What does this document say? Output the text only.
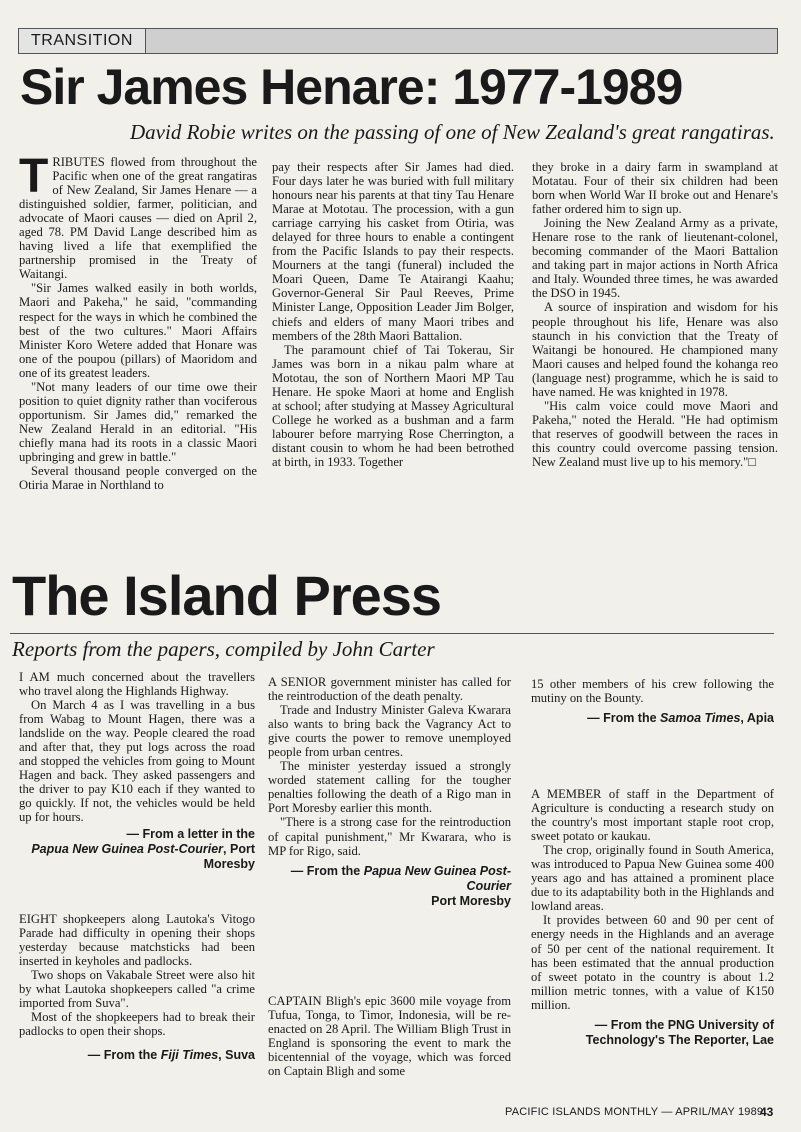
TRANSITION
Sir James Henare: 1977-1989

David Robie writes on the passing of one of New Zealand's great rangatiras.

TRIBUTES flowed from throughout the Pacific when one of the great rangatiras of New Zealand, Sir James Henare — a distinguished soldier, farmer, politician, and advocate of Maori causes — died on April 2, aged 78. PM David Lange described him as having lived a life that exemplified the partnership promised in the Treaty of Waitangi.

"Sir James walked easily in both worlds, Maori and Pakeha," he said, "commanding respect for the ways in which he combined the best of the two cultures." Maori Affairs Minister Koro Wetere added that Honare was one of the poupou (pillars) of Maoridom and one of its greatest leaders.

"Not many leaders of our time owe their position to quiet dignity rather than vociferous opportunism. Sir James did," remarked the New Zealand Herald in an editorial. "His chiefly mana had its roots in a classic Maori upbringing and grew in battle."

Several thousand people converged on the Otiria Marae in Northland to

pay their respects after Sir James had died. Four days later he was buried with full military honours near his parents at that tiny Tau Henare Marae at Mototau. The procession, with a gun carriage carrying his casket from Otiria, was delayed for three hours to enable a contingent from the Pacific Islands to pay their respects. Mourners at the tangi (funeral) included the Moari Queen, Dame Te Atairangi Kaahu; Governor-General Sir Paul Reeves, Prime Minister Lange, Opposition Leader Jim Bolger, chiefs and elders of many Maori tribes and members of the 28th Maori Battalion.

The paramount chief of Tai Tokerau, Sir James was born in a nikau palm whare at Mototau, the son of Northern Maori MP Tau Henare. He spoke Maori at home and English at school; after studying at Massey Agricultural College he worked as a bushman and a farm labourer before marrying Rose Cherrington, a distant cousin to whom he had been betrothed at birth, in 1933. Together

they broke in a dairy farm in swampland at Motatau. Four of their six children had been born when World War II broke out and Henare's father ordered him to sign up.

Joining the New Zealand Army as a private, Henare rose to the rank of lieutenant-colonel, becoming commander of the Maori Battalion and taking part in major actions in North Africa and Italy. Wounded three times, he was awarded the DSO in 1945.

A source of inspiration and wisdom for his people throughout his life, Henare was also staunch in his conviction that the Treaty of Waitangi be honoured. He championed many Maori causes and helped found the kohanga reo (language nest) programme, which he is said to have named. He was knighted in 1978.

"His calm voice could move Maori and Pakeha," noted the Herald. "He had optimism that reserves of goodwill between the races in this country could overcome passing tension. New Zealand must live up to his memory."□

The Island Press

Reports from the papers, compiled by John Carter

I AM much concerned about the travellers who travel along the Highlands Highway.

On March 4 as I was travelling in a bus from Wabag to Mount Hagen, there was a landslide on the way. People cleared the road and after that, they put logs across the road and stopped the vehicles from going to Mount Hagen and back. They asked passengers and the driver to pay K10 each if they wanted to go quickly. If not, the vehicles would be held up for hours.

— From a letter in the
Papua New Guinea Post-Courier, Port Moresby

EIGHT shopkeepers along Lautoka's Vitogo Parade had difficulty in opening their shops yesterday because matchsticks had been inserted in keyholes and padlocks.

Two shops on Vakabale Street were also hit by what Lautoka shopkeepers called "a crime imported from Suva".

Most of the shopkeepers had to break their padlocks to open their shops.

— From the Fiji Times, Suva

A SENIOR government minister has called for the reintroduction of the death penalty.

Trade and Industry Minister Galeva Kwarara also wants to bring back the Vagrancy Act to give courts the power to remove unemployed people from urban centres.

The minister yesterday issued a strongly worded statement calling for the tougher penalties following the death of a Rigo man in Port Moresby earlier this month.

"There is a strong case for the reintroduction of capital punishment," Mr Kwarara, who is MP for Rigo, said.

— From the Papua New Guinea Post-Courier
Port Moresby

CAPTAIN Bligh's epic 3600 mile voyage from Tufua, Tonga, to Timor, Indonesia, will be re-enacted on 28 April. The William Bligh Trust in England is sponsoring the event to mark the bicentennial of the voyage, which was forced on Captain Bligh and some

15 other members of his crew following the mutiny on the Bounty.

— From the Samoa Times, Apia

A MEMBER of staff in the Department of Agriculture is conducting a research study on the country's most important staple root crop, sweet potato or kaukau.

The crop, originally found in South America, was introduced to Papua New Guinea some 400 years ago and has attained a prominent place due to its adaptability both in the Highlands and lowland areas.

It provides between 60 and 90 per cent of energy needs in the Highlands and an average of 50 per cent of the national requirement. It has been estimated that the annual production of sweet potato in the country is about 1.2 million metric tonnes, with a value of K150 million.

— From the PNG University of
Technology's The Reporter, Lae
PACIFIC ISLANDS MONTHLY — APRIL/MAY 1989
43
